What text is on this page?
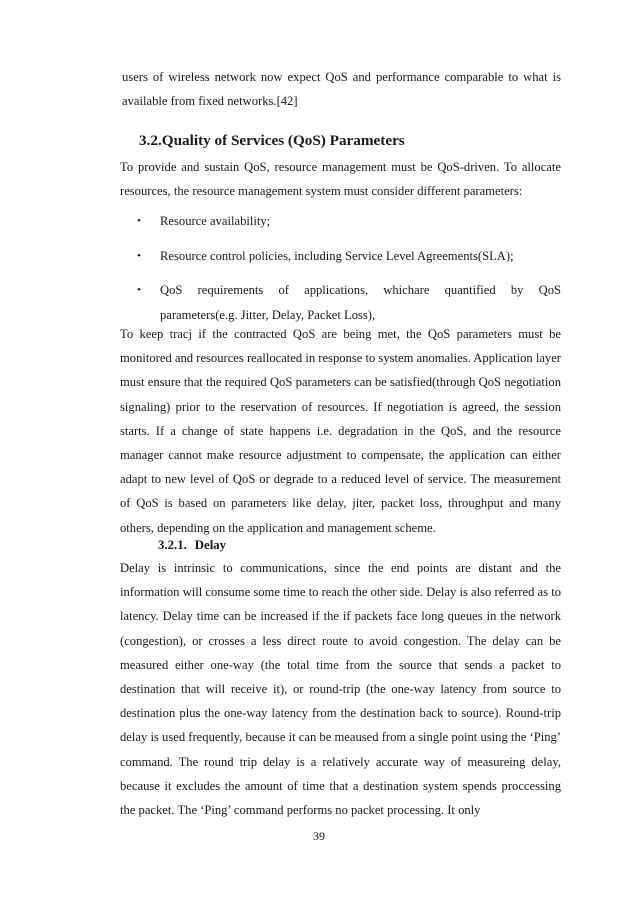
users of wireless network now expect QoS and performance comparable to what is available from fixed networks.[42]

3.2.Quality of Services (QoS) Parameters

To provide and sustain QoS, resource management must be QoS-driven. To allocate resources, the resource management system must consider different parameters:

• Resource availability;
• Resource control policies, including Service Level Agreements(SLA);
• QoS requirements of applications, whichare quantified by QoS
parameters(e.g. Jitter, Delay, Packet Loss),

To keep tracj if the contracted QoS are being met, the QoS parameters must be monitored and resources reallocated in response to system anomalies. Application layer must ensure that the required QoS parameters can be satisfied(through QoS negotiation signaling) prior to the reservation of resources. If negotiation is agreed, the session starts. If a change of state happens i.e. degradation in the QoS, and the resource manager cannot make resource adjustment to compensate, the application can either adapt to new level of QoS or degrade to a reduced level of service. The measurement of QoS is based on parameters like delay, jiter, packet loss, throughput and many others, depending on the application and management scheme.

3.2.1. Delay

Delay is intrinsic to communications, since the end points are distant and the information will consume some time to reach the other side. Delay is also referred as to latency. Delay time can be increased if the if packets face long queues in the network (congestion), or crosses a less direct route to avoid congestion. The delay can be measured either one-way (the total time from the source that sends a packet to destination that will receive it), or round-trip (the one-way latency from source to destination plus the one-way latency from the destination back to source). Round-trip delay is used frequently, because it can be meaused from a single point using the ‘Ping’ command. The round trip delay is a relatively accurate way of measureing delay, because it excludes the amount of time that a destination system spends proccessing the packet. The ‘Ping’ command performs no packet processing. It only

39
